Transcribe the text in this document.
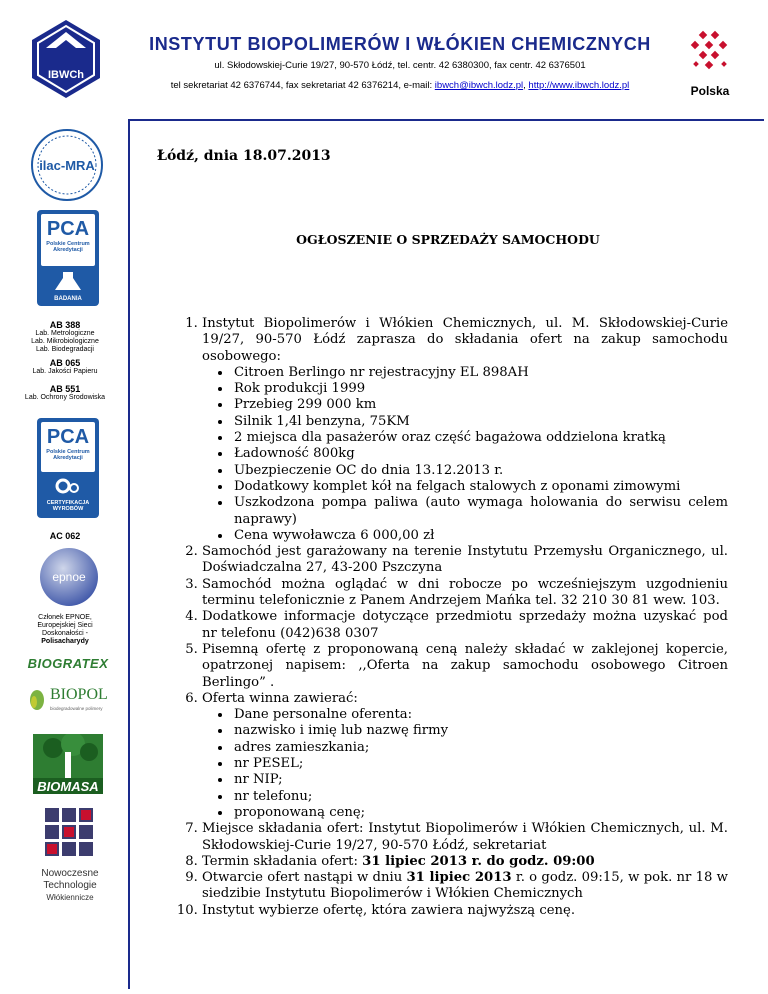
IBWCh
INSTYTUT BIOPOLIMERÓW I WŁÓKIEN CHEMICZNYCH
ul. Skłodowskiej-Curie 19/27, 90-570 Łódź, tel. centr. 42 6380300, fax centr. 42 6376501
tel sekretariat 42 6376744, fax sekretariat 42 6376214, e-mail: ibwch@ibwch.lodz.pl, http://www.ibwch.lodz.pl	Polska
ilac-MRA
PCA
Polskie Centrum
Akredytacji
BADANIA
AB 388
Lab. Metrologiczne
Lab. Mikrobiologiczne
Lab. Biodegradacji
AB 065
Lab. Jakości Papieru
AB 551
Lab. Ochrony Środowiska
PCA
Polskie Centrum
Akredytacji
CERTYFIKACJA
WYROBÓW
AC 062
epnoe
Członek EPNOE,
Europejskiej Sieci
Doskonałości -
Polisacharydy
BIOGRATEX
BIOPOL
biodegradowalne polimery
BIOMASA
Nowoczesne
Technologie
Włókiennicze
Łódź, dnia 18.07.2013
OGŁOSZENIE O SPRZEDAŻY SAMOCHODU
1. Instytut Biopolimerów i Włókien Chemicznych, ul. M. Skłodowskiej-Curie 19/27, 90-570 Łódź zaprasza do składania ofert na zakup samochodu osobowego:
• Citroen Berlingo nr rejestracyjny EL 898AH
• Rok produkcji 1999
• Przebieg 299 000 km
• Silnik 1,4l benzyna, 75KM
• 2 miejsca dla pasażerów oraz część bagażowa oddzielona kratką
• Ładowność 800kg
• Ubezpieczenie OC do dnia 13.12.2013 r.
• Dodatkowy komplet kół na felgach stalowych z oponami zimowymi
• Uszkodzona pompa paliwa (auto wymaga holowania do serwisu celem naprawy)
• Cena wywoławcza 6 000,00 zł
2. Samochód jest garażowany na terenie Instytutu Przemysłu Organicznego, ul. Doświadczalna 27, 43-200 Pszczyna
3. Samochód można oglądać w dni robocze po wcześniejszym uzgodnieniu terminu telefonicznie z Panem Andrzejem Mańka tel. 32 210 30 81 wew. 103.
4. Dodatkowe informacje dotyczące przedmiotu sprzedaży można uzyskać pod nr telefonu (042)638 0307
5. Pisemną ofertę z proponowaną ceną należy składać w zaklejonej kopercie, opatrzonej napisem: ,,Oferta na zakup samochodu osobowego Citroen Berlingo” .
6. Oferta winna zawierać:
• Dane personalne oferenta:
• nazwisko i imię lub nazwę firmy
• adres zamieszkania;
• nr PESEL;
• nr NIP;
• nr telefonu;
• proponowaną cenę;
7. Miejsce składania ofert: Instytut Biopolimerów i Włókien Chemicznych, ul. M. Skłodowskiej-Curie 19/27, 90-570 Łódź, sekretariat
8. Termin składania ofert: 31 lipiec 2013 r. do godz. 09:00
9. Otwarcie ofert nastąpi w dniu 31 lipiec 2013 r. o godz. 09:15, w pok. nr 18 w siedzibie Instytutu Biopolimerów i Włókien Chemicznych
10. Instytut wybierze ofertę, która zawiera najwyższą cenę.
